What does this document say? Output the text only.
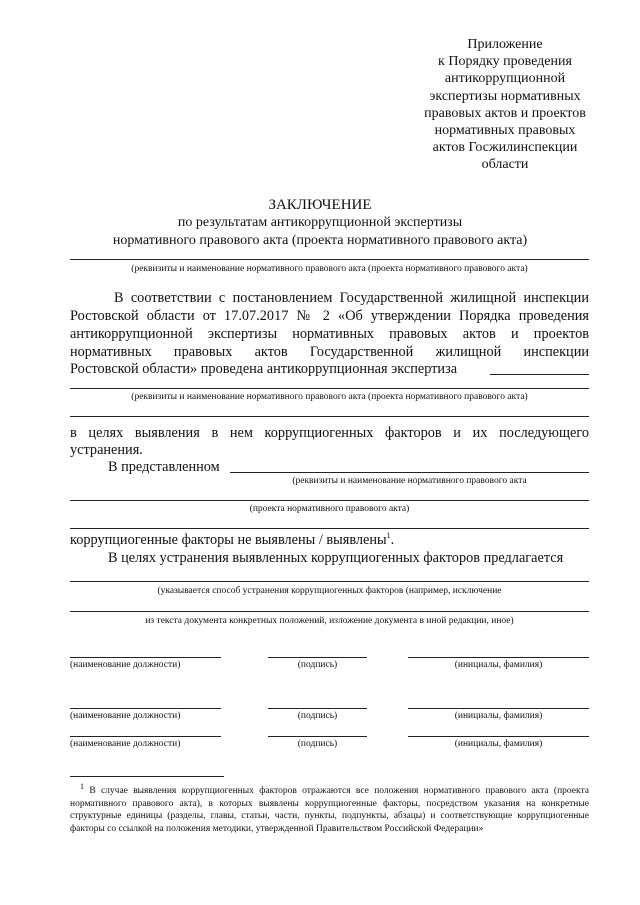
Приложение
к Порядку проведения
антикоррупционной
экспертизы нормативных
правовых актов и проектов
нормативных правовых
актов Госжилинспекции
области
ЗАКЛЮЧЕНИЕ
по результатам антикоррупционной экспертизы
нормативного правового акта (проекта нормативного правового акта)
(реквизиты и наименование нормативного правового акта (проекта нормативного правового акта)
В соответствии с постановлением Государственной жилищной инспекции
Ростовской области от 17.07.2017 № 2 «Об утверждении Порядка проведения
антикоррупционной экспертизы нормативных правовых актов и проектов
нормативных правовых актов Государственной жилищной инспекции
Ростовской области» проведена антикоррупционная экспертиза
(реквизиты и наименование нормативного правового акта (проекта нормативного правового акта)
в целях выявления в нем коррупциогенных факторов и их последующего
устранения.
В представленном
(реквизиты и наименование нормативного правового акта
(проекта нормативного правового акта)
коррупциогенные факторы не выявлены / выявлены$^1$.
В целях устранения выявленных коррупциогенных факторов предлагается
(указывается способ устранения коррупциогенных факторов (например, исключение
из текста документа конкретных положений, изложение документа в иной редакции, иное)
(наименование должности)	(подпись)	(инициалы, фамилия)
(наименование должности)	(подпись)	(инициалы, фамилия)
(наименование должности)	(подпись)	(инициалы, фамилия)
$^1$ В случае выявления коррупциогенных факторов отражаются все положения нормативного правового акта (проекта нормативного правового акта), в которых выявлены коррупциогенные факторы, посредством указания на конкретные структурные единицы (разделы, главы, статьи, части, пункты, подпункты, абзацы) и соответствующие коррупциогенные факторы со ссылкой на положения методики, утвержденной Правительством Российской Федерации»
